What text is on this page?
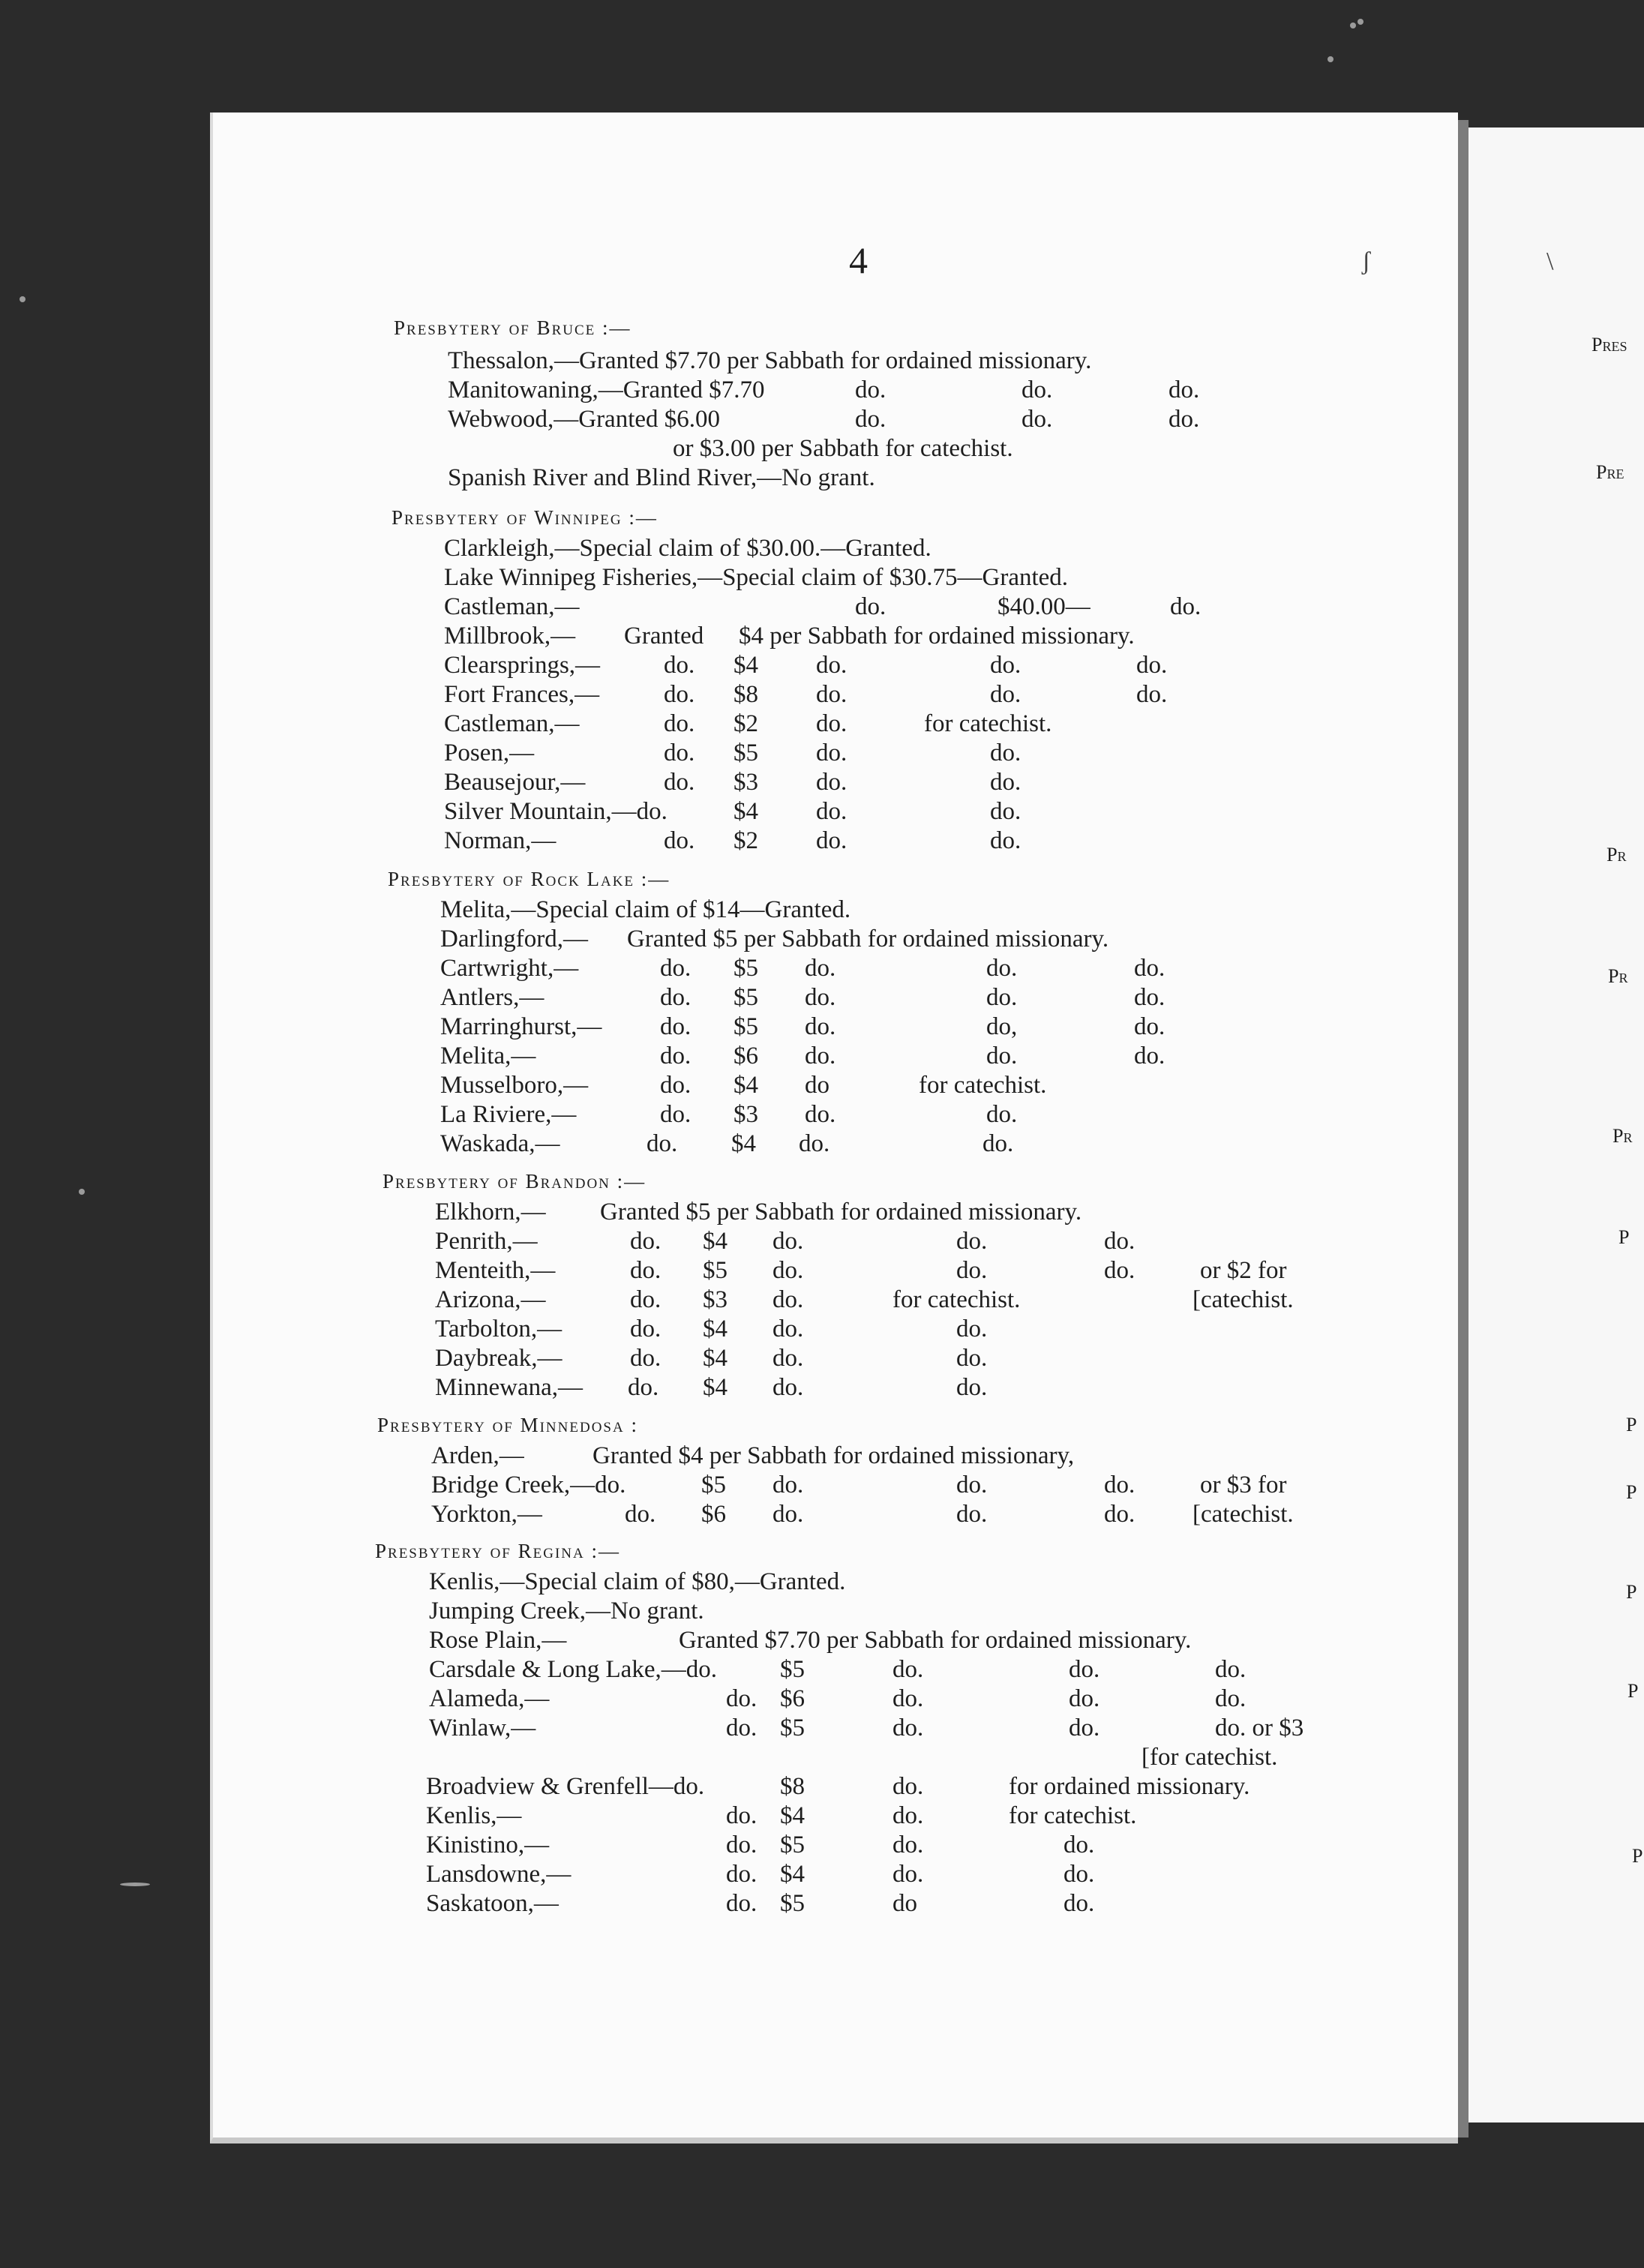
4	ʃ	\
Presbytery of Bruce :—
Thessalon,—Granted $7.70 per Sabbath for ordained missionary.
Manitowaning,—Granted $7.70	do.	do.	do.
Webwood,—Granted $6.00	do.	do.	do.
or $3.00 per Sabbath for catechist.
Spanish River and Blind River,—No grant.
Presbytery of Winnipeg :—
Clarkleigh,—Special claim of $30.00.—Granted.
Lake Winnipeg Fisheries,—Special claim of $30.75—Granted.
Castleman,—	do.	$40.00—	do.
Millbrook,— Granted $4 per Sabbath for ordained missionary.
Clearsprings,—	do. $4 do.	do.	do.
Fort Frances,—	do. $8 do.	do.	do.
Castleman,—	do. $2 do.	for catechist.
Posen,—	do. $5 do.	do.
Beausejour,—	do. $3 do.	do.
Silver Mountain,—do.	$4 do.	do.
Norman,—	do. $2 do.	do.
Presbytery of Rock Lake :—
Melita,—Special claim of $14—Granted.
Darlingford,— Granted $5 per Sabbath for ordained missionary.
Cartwright,—	do. $5 do.	do.	do.
Antlers,—	do. $5 do.	do.	do.
Marringhurst,— do. $5 do.	do,	do.
Melita,—	do. $6 do.	do.	do.
Musselboro,—	do. $4 do	for catechist.
La Riviere,—	do. $3 do.	do.
Waskada,—	do. $4 do.	do.
Presbytery of Brandon :—
Elkhorn,— Granted $5 per Sabbath for ordained missionary.
Penrith,—	do. $4 do.	do.	do.
Menteith,—	do. $5 do.	do.	do.	or $2 for
Arizona,—	do. $3 do.	for catechist.	[catechist.
Tarbolton,—	do. $4 do.	do.
Daybreak,—	do. $4 do.	do.
Minnewana,— do. $4 do.	do.
Presbytery of Minnedosa :
Arden,—	Granted $4 per Sabbath for ordained missionary,
Bridge Creek,—do.	$5 do.	do.	do.	or $3 for
Yorkton,—	do. $6 do.	do.	do. [catechist.
Presbytery of Regina :—
Kenlis,—Special claim of $80,—Granted.
Jumping Creek,—No grant.
Rose Plain,—	Granted $7.70 per Sabbath for ordained missionary.
Carsdale & Long Lake,—do.	$5	do.	do.	do.
Alameda,—	do. $6	do.	do.	do.
Winlaw,—	do. $5	do.	do.	do. or $3
[for catechist.
Broadview & Grenfell—do.	$8	do.	for ordained missionary.
Kenlis,—	do. $4	do.	for catechist.
Kinistino,—	do. $5	do.	do.
Lansdowne,—	do. $4	do.	do.
Saskatoon,—	do. $5	do	do.
Pres
Pre
Pr
Pr
Pr
P
P
P
P
P
P
